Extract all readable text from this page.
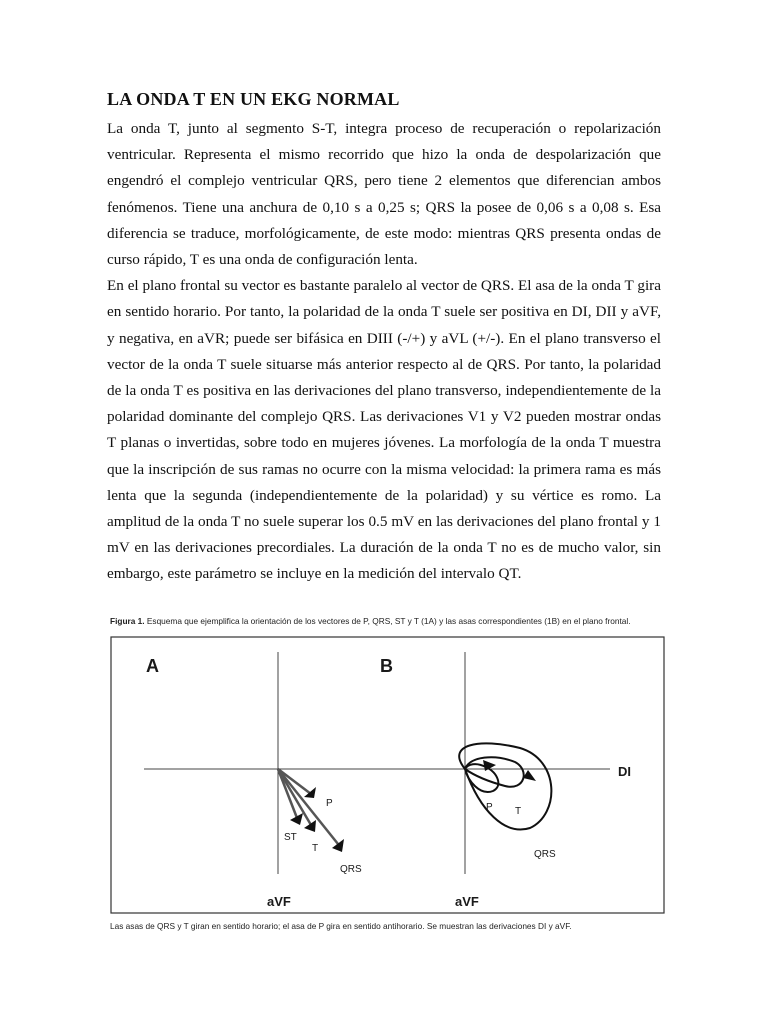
LA ONDA T EN UN EKG NORMAL

La onda T, junto al segmento S-T, integra proceso de recuperación o repolarización ventricular. Representa el mismo recorrido que hizo la onda de despolarización que engendró el complejo ventricular QRS, pero tiene 2 elementos que diferencian ambos fenómenos. Tiene una anchura de 0,10 s a 0,25 s; QRS la posee de 0,06 s a 0,08 s. Esa diferencia se traduce, morfológicamente, de este modo: mientras QRS presenta ondas de curso rápido, T es una onda de configuración lenta.

En el plano frontal su vector es bastante paralelo al vector de QRS. El asa de la onda T gira en sentido horario. Por tanto, la polaridad de la onda T suele ser positiva en DI, DII y aVF, y negativa, en aVR; puede ser bifásica en DIII (-/+) y aVL (+/-). En el plano transverso el vector de la onda T suele situarse más anterior respecto al de QRS. Por tanto, la polaridad de la onda T es positiva en las derivaciones del plano transverso, independientemente de la polaridad dominante del complejo QRS. Las derivaciones V1 y V2 pueden mostrar ondas T planas o invertidas, sobre todo en mujeres jóvenes. La morfología de la onda T muestra que la inscripción de sus ramas no ocurre con la misma velocidad: la primera rama es más lenta que la segunda (independientemente de la polaridad) y su vértice es romo. La amplitud de la onda T no suele superar los 0.5 mV en las derivaciones del plano frontal y 1 mV en las derivaciones precordiales. La duración de la onda T no es de mucho valor, sin embargo, este parámetro se incluye en la medición del intervalo QT.

Figura 1. Esquema que ejemplifica la orientación de los vectores de P, QRS, ST y T (1A) y las asas correspondientes (1B) en el plano frontal.
A	B
P
ST
T
QRS
aVF
P T
QRS
DI
aVF
Las asas de QRS y T giran en sentido horario; el asa de P gira en sentido antihorario. Se muestran las derivaciones DI y aVF.
